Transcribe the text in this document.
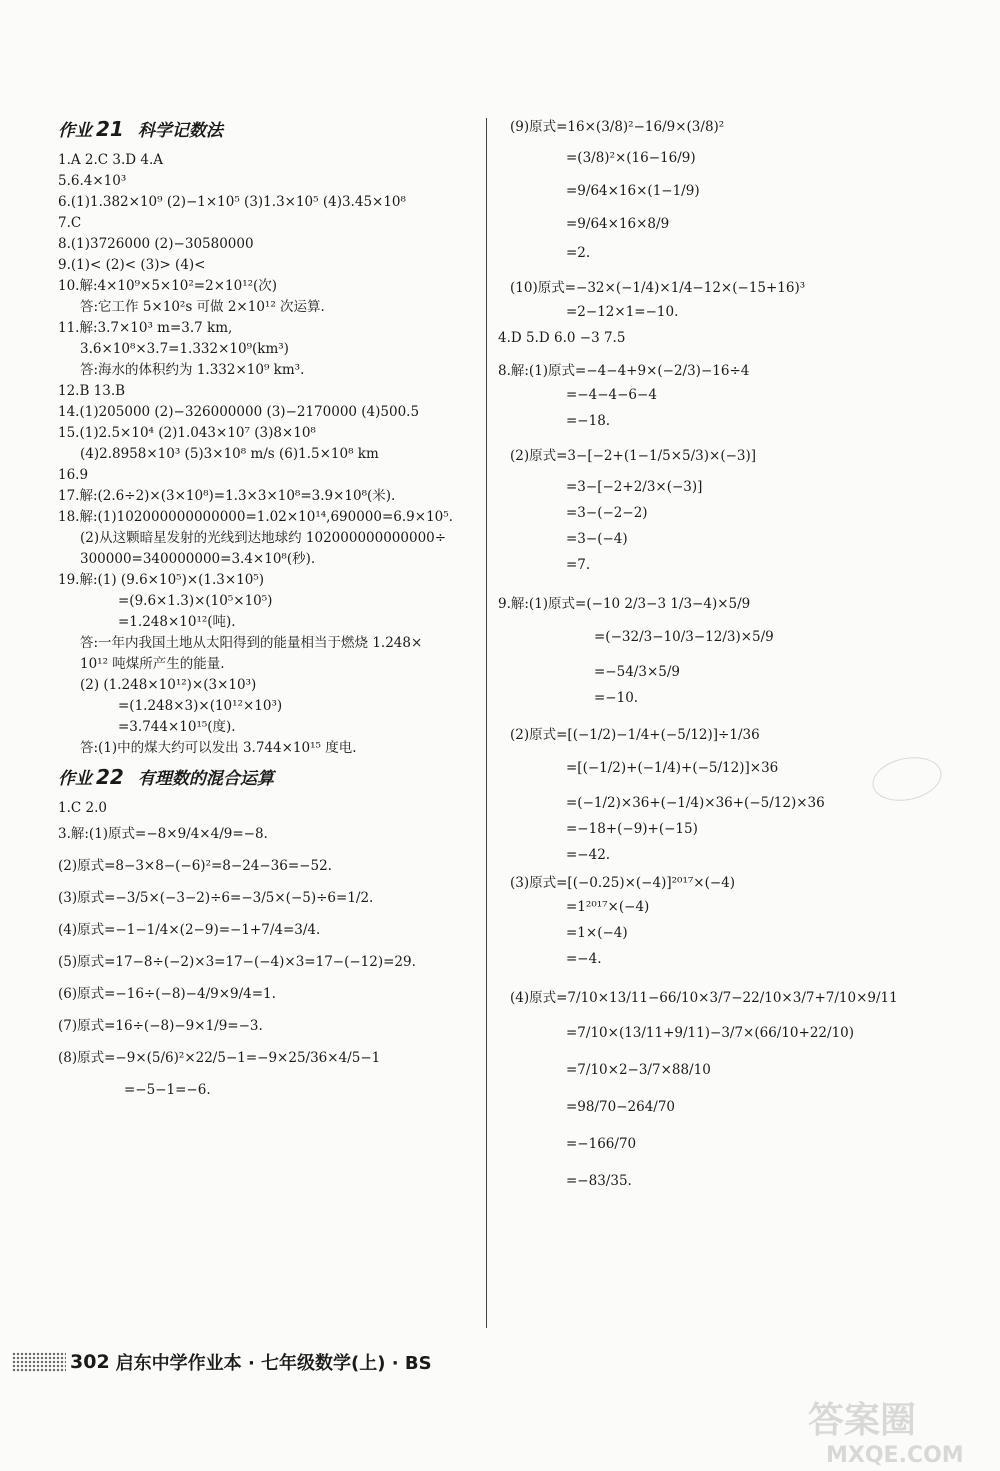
作业 21 科学记数法
1.A 2.C 3.D 4.A
5.6.4×10³
6.(1)1.382×10⁹ (2)−1×10⁵ (3)1.3×10⁵ (4)3.45×10⁸
7.C
8.(1)3726000 (2)−30580000
9.(1)< (2)< (3)> (4)<
10.解:4×10⁹×5×10²=2×10¹²(次)
答:它工作 5×10²s 可做 2×10¹² 次运算.
11.解:3.7×10³ m=3.7 km,
3.6×10⁸×3.7=1.332×10⁹(km³)
答:海水的体积约为 1.332×10⁹ km³.
12.B 13.B
14.(1)205000 (2)−326000000 (3)−2170000 (4)500.5
15.(1)2.5×10⁴ (2)1.043×10⁷ (3)8×10⁸
(4)2.8958×10³ (5)3×10⁸ m/s (6)1.5×10⁸ km
16.9
17.解:(2.6÷2)×(3×10⁸)=1.3×3×10⁸=3.9×10⁸(米).
18.解:(1)102000000000000=1.02×10¹⁴,690000=6.9×10⁵.
(2)从这颗暗星发射的光线到达地球约 102000000000000÷
300000=340000000=3.4×10⁸(秒).
19.解:(1) (9.6×10⁵)×(1.3×10⁵)
=(9.6×1.3)×(10⁵×10⁵)
=1.248×10¹²(吨).
答:一年内我国土地从太阳得到的能量相当于燃烧 1.248×
10¹² 吨煤所产生的能量.
(2) (1.248×10¹²)×(3×10³)
=(1.248×3)×(10¹²×10³)
=3.744×10¹⁵(度).
答:(1)中的煤大约可以发出 3.744×10¹⁵ 度电.
作业 22 有理数的混合运算
1.C 2.0
3.解:(1)原式=−8×9/4×4/9=−8.
(2)原式=8−3×8−(−6)²=8−24−36=−52.
(3)原式=−3/5×(−3−2)÷6=−3/5×(−5)÷6=1/2.
(4)原式=−1−1/4×(2−9)=−1+7/4=3/4.
(5)原式=17−8÷(−2)×3=17−(−4)×3=17−(−12)=29.
(6)原式=−16÷(−8)−4/9×9/4=1.
(7)原式=16÷(−8)−9×1/9=−3.
(8)原式=−9×(5/6)²×22/5−1=−9×25/36×4/5−1
=−5−1=−6.
(9)原式=16×(3/8)²−16/9×(3/8)²
=(3/8)²×(16−16/9)
=9/64×16×(1−1/9)
=9/64×16×8/9
=2.
(10)原式=−32×(−1/4)×1/4−12×(−15+16)³
=2−12×1=−10.
4.D 5.D 6.0 −3 7.5
8.解:(1)原式=−4−4+9×(−2/3)−16÷4
=−4−4−6−4
=−18.
(2)原式=3−[−2+(1−1/5×5/3)×(−3)]
=3−[−2+2/3×(−3)]
=3−(−2−2)
=3−(−4)
=7.
9.解:(1)原式=(−10 2/3−3 1/3−4)×5/9
=(−32/3−10/3−12/3)×5/9
=−54/3×5/9
=−10.
(2)原式=[(−1/2)−1/4+(−5/12)]÷1/36
=[(−1/2)+(−1/4)+(−5/12)]×36
=(−1/2)×36+(−1/4)×36+(−5/12)×36
=−18+(−9)+(−15)
=−42.
(3)原式=[(−0.25)×(−4)]²⁰¹⁷×(−4)
=1²⁰¹⁷×(−4)
=1×(−4)
=−4.
(4)原式=7/10×13/11−66/10×3/7−22/10×3/7+7/10×9/11
=7/10×(13/11+9/11)−3/7×(66/10+22/10)
=7/10×2−3/7×88/10
=98/70−264/70
=−166/70
=−83/35.
302 启东中学作业本 · 七年级数学(上) · BS
答案圈
MXQE.COM
